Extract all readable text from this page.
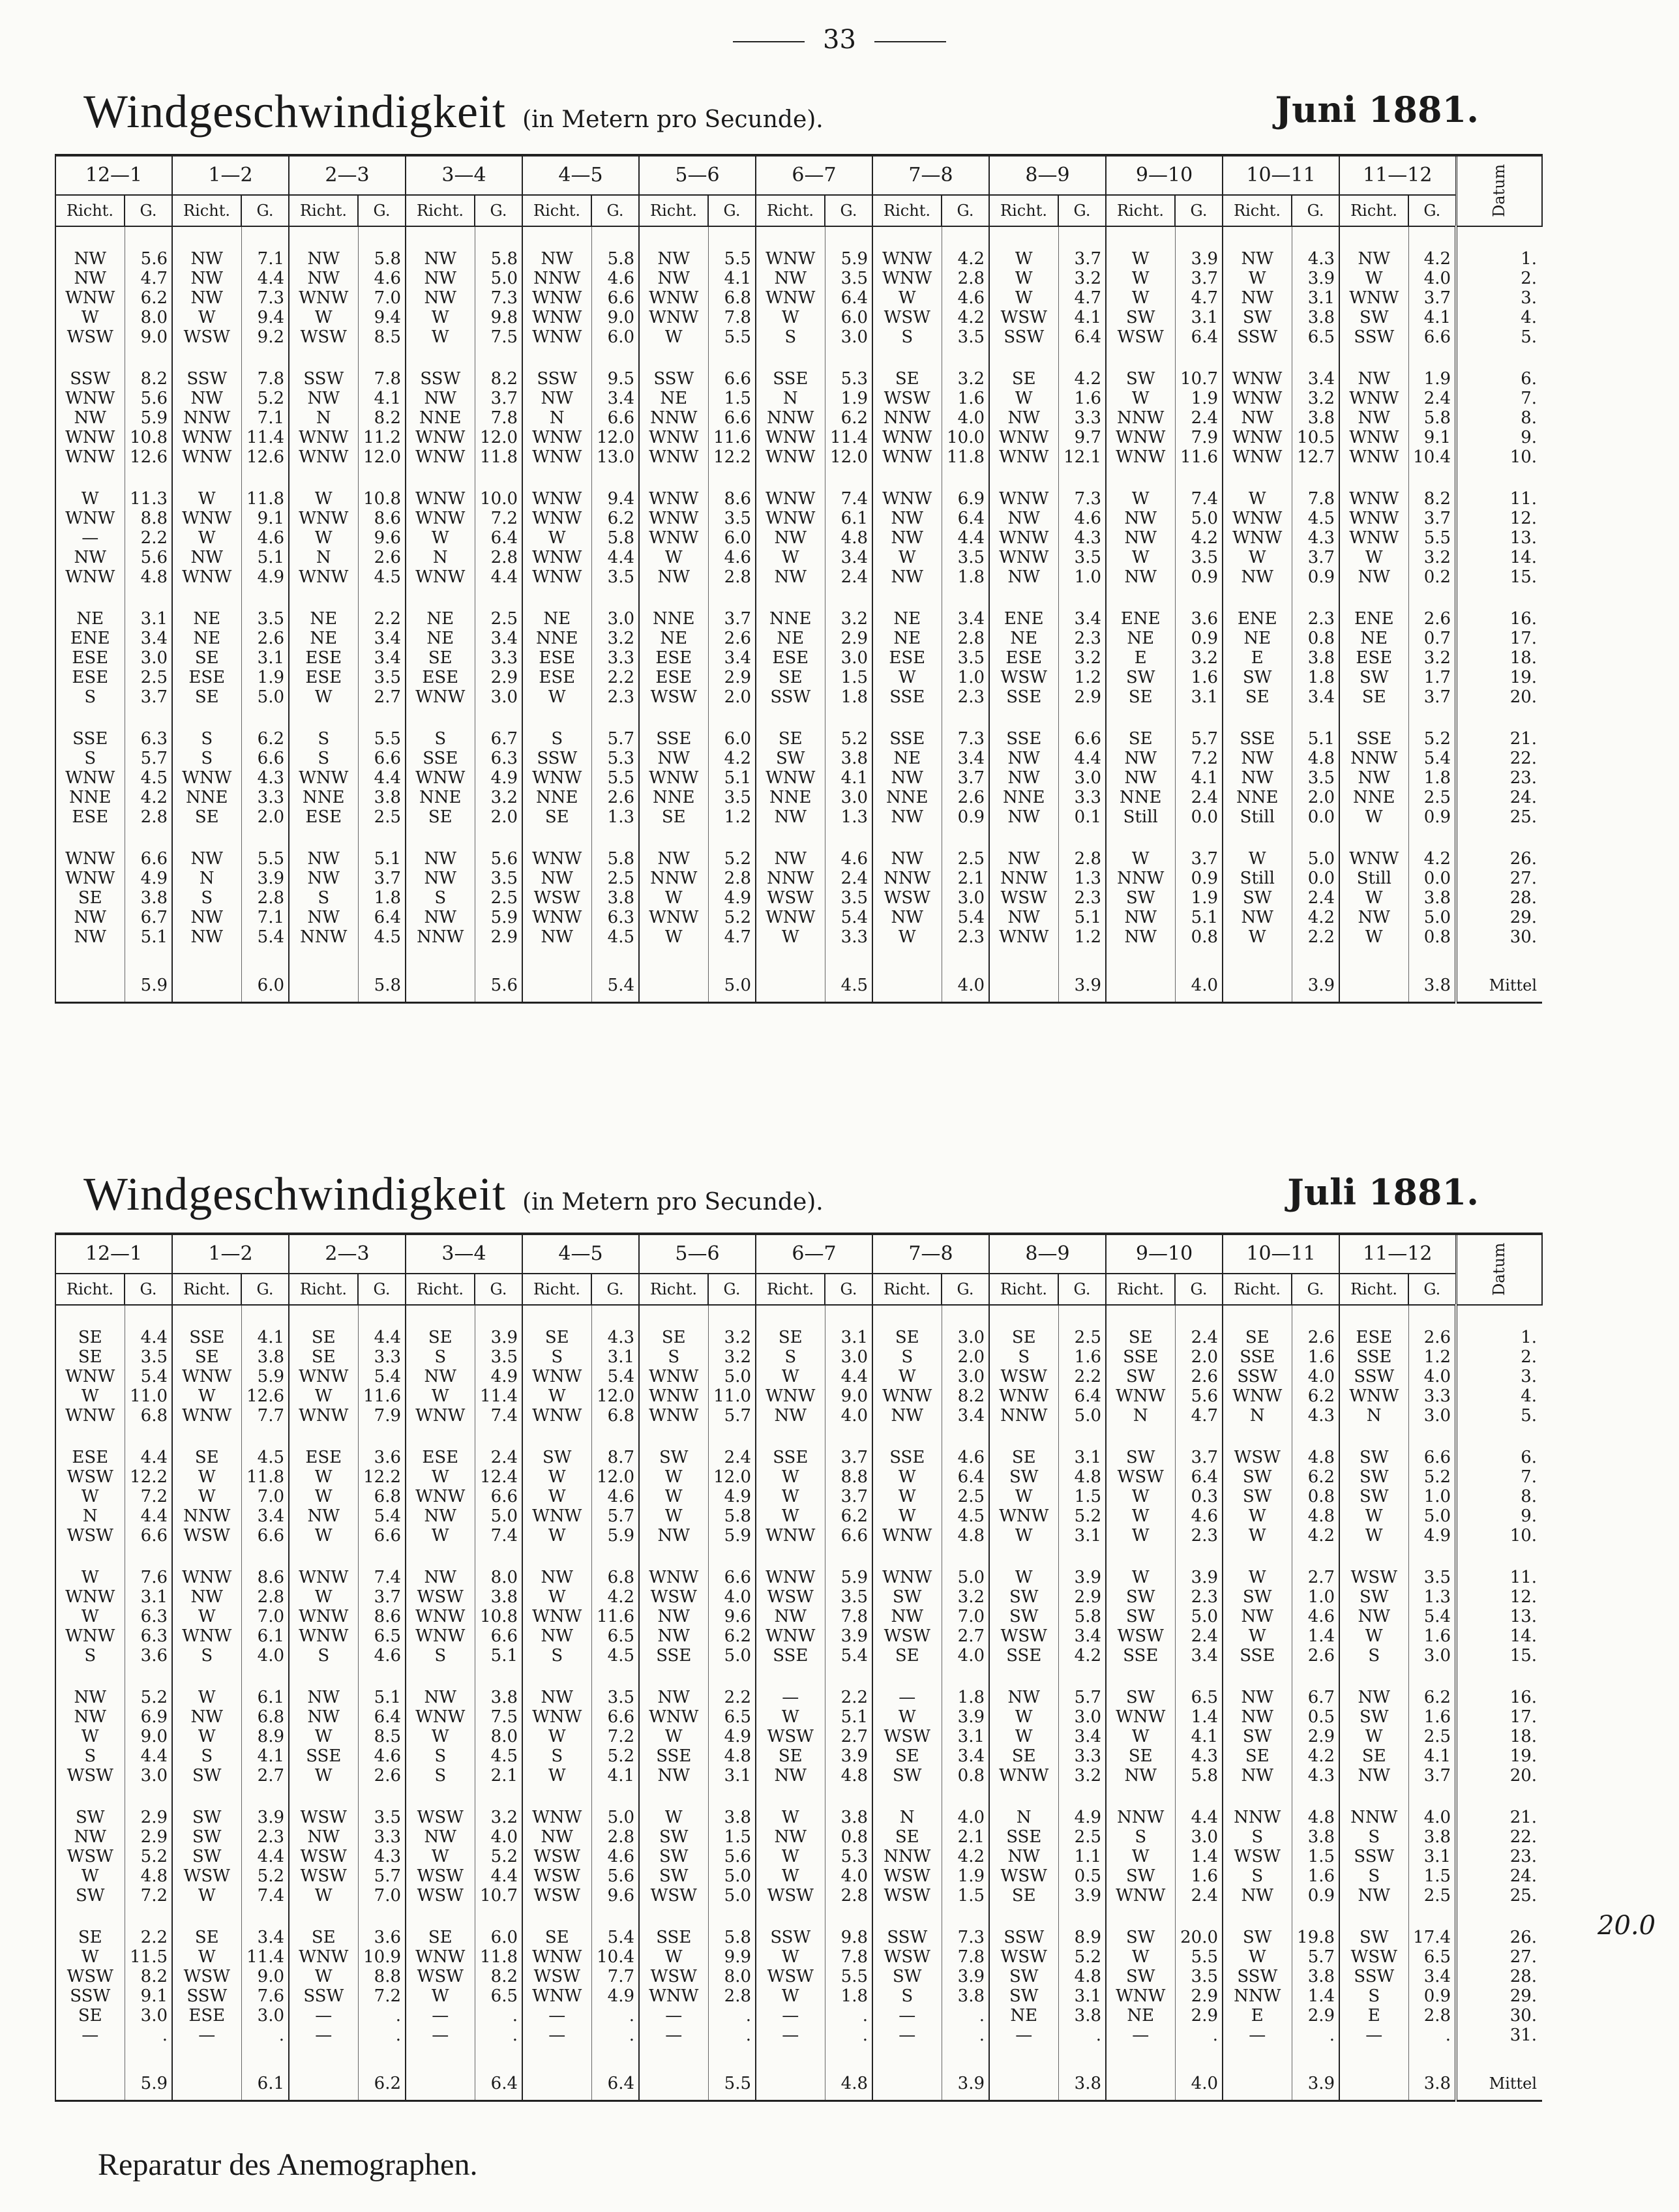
33
Windgeschwindigkeit (in Metern pro Secunde).	Juni 1881.
12—1		1—2		2—3		3—4		4—5		5—6		6—7		7—8		8—9		9—10		10—11		11—12		Datum
Richt.	G.	Richt.	G.	Richt.	G.	Richt.	G.	Richt.	G.	Richt.	G.	Richt.	G.	Richt.	G.	Richt.	G.	Richt.	G.	Richt.	G.	Richt.	G.	

NW	5.6	NW	7.1	NW	5.8	NW	5.8	NW	5.8	NW	5.5	WNW	5.9	WNW	4.2	W	3.7	W	3.9	NW	4.3	NW	4.2	1.
NW	4.7	NW	4.4	NW	4.6	NW	5.0	NNW	4.6	NW	4.1	NW	3.5	WNW	2.8	W	3.2	W	3.7	W	3.9	W	4.0	2.
WNW	6.2	NW	7.3	WNW	7.0	NW	7.3	WNW	6.6	WNW	6.8	WNW	6.4	W	4.6	W	4.7	W	4.7	NW	3.1	WNW	3.7	3.
W	8.0	W	9.4	W	9.4	W	9.8	WNW	9.0	WNW	7.8	W	6.0	WSW	4.2	WSW	4.1	SW	3.1	SW	3.8	SW	4.1	4.
WSW	9.0	WSW	9.2	WSW	8.5	W	7.5	WNW	6.0	W	5.5	S	3.0	S	3.5	SSW	6.4	WSW	6.4	SSW	6.5	SSW	6.6	5.

SSW	8.2	SSW	7.8	SSW	7.8	SSW	8.2	SSW	9.5	SSW	6.6	SSE	5.3	SE	3.2	SE	4.2	SW	10.7	WNW	3.4	NW	1.9	6.
WNW	5.6	NW	5.2	NW	4.1	NW	3.7	NW	3.4	NE	1.5	N	1.9	WSW	1.6	W	1.6	W	1.9	WNW	3.2	WNW	2.4	7.
NW	5.9	NNW	7.1	N	8.2	NNE	7.8	N	6.6	NNW	6.6	NNW	6.2	NNW	4.0	NW	3.3	NNW	2.4	NW	3.8	NW	5.8	8.
WNW	10.8	WNW	11.4	WNW	11.2	WNW	12.0	WNW	12.0	WNW	11.6	WNW	11.4	WNW	10.0	WNW	9.7	WNW	7.9	WNW	10.5	WNW	9.1	9.
WNW	12.6	WNW	12.6	WNW	12.0	WNW	11.8	WNW	13.0	WNW	12.2	WNW	12.0	WNW	11.8	WNW	12.1	WNW	11.6	WNW	12.7	WNW	10.4	10.

W	11.3	W	11.8	W	10.8	WNW	10.0	WNW	9.4	WNW	8.6	WNW	7.4	WNW	6.9	WNW	7.3	W	7.4	W	7.8	WNW	8.2	11.
WNW	8.8	WNW	9.1	WNW	8.6	WNW	7.2	WNW	6.2	WNW	3.5	WNW	6.1	NW	6.4	NW	4.6	NW	5.0	WNW	4.5	WNW	3.7	12.
—	2.2	W	4.6	W	9.6	W	6.4	W	5.8	WNW	6.0	NW	4.8	NW	4.4	WNW	4.3	NW	4.2	WNW	4.3	WNW	5.5	13.
NW	5.6	NW	5.1	N	2.6	N	2.8	WNW	4.4	W	4.6	W	3.4	W	3.5	WNW	3.5	W	3.5	W	3.7	W	3.2	14.
WNW	4.8	WNW	4.9	WNW	4.5	WNW	4.4	WNW	3.5	NW	2.8	NW	2.4	NW	1.8	NW	1.0	NW	0.9	NW	0.9	NW	0.2	15.

NE	3.1	NE	3.5	NE	2.2	NE	2.5	NE	3.0	NNE	3.7	NNE	3.2	NE	3.4	ENE	3.4	ENE	3.6	ENE	2.3	ENE	2.6	16.
ENE	3.4	NE	2.6	NE	3.4	NE	3.4	NNE	3.2	NE	2.6	NE	2.9	NE	2.8	NE	2.3	NE	0.9	NE	0.8	NE	0.7	17.
ESE	3.0	SE	3.1	ESE	3.4	SE	3.3	ESE	3.3	ESE	3.4	ESE	3.0	ESE	3.5	ESE	3.2	E	3.2	E	3.8	ESE	3.2	18.
ESE	2.5	ESE	1.9	ESE	3.5	ESE	2.9	ESE	2.2	ESE	2.9	SE	1.5	W	1.0	WSW	1.2	SW	1.6	SW	1.8	SW	1.7	19.
S	3.7	SE	5.0	W	2.7	WNW	3.0	W	2.3	WSW	2.0	SSW	1.8	SSE	2.3	SSE	2.9	SE	3.1	SE	3.4	SE	3.7	20.

SSE	6.3	S	6.2	S	5.5	S	6.7	S	5.7	SSE	6.0	SE	5.2	SSE	7.3	SSE	6.6	SE	5.7	SSE	5.1	SSE	5.2	21.
S	5.7	S	6.6	S	6.6	SSE	6.3	SSW	5.3	NW	4.2	SW	3.8	NE	3.4	NW	4.4	NW	7.2	NW	4.8	NNW	5.4	22.
WNW	4.5	WNW	4.3	WNW	4.4	WNW	4.9	WNW	5.5	WNW	5.1	WNW	4.1	NW	3.7	NW	3.0	NW	4.1	NW	3.5	NW	1.8	23.
NNE	4.2	NNE	3.3	NNE	3.8	NNE	3.2	NNE	2.6	NNE	3.5	NNE	3.0	NNE	2.6	NNE	3.3	NNE	2.4	NNE	2.0	NNE	2.5	24.
ESE	2.8	SE	2.0	ESE	2.5	SE	2.0	SE	1.3	SE	1.2	NW	1.3	NW	0.9	NW	0.1	Still	0.0	Still	0.0	W	0.9	25.

WNW	6.6	NW	5.5	NW	5.1	NW	5.6	WNW	5.8	NW	5.2	NW	4.6	NW	2.5	NW	2.8	W	3.7	W	5.0	WNW	4.2	26.
WNW	4.9	N	3.9	NW	3.7	NW	3.5	NW	2.5	NNW	2.8	NNW	2.4	NNW	2.1	NNW	1.3	NNW	0.9	Still	0.0	Still	0.0	27.
SE	3.8	S	2.8	S	1.8	S	2.5	WSW	3.8	W	4.9	WSW	3.5	WSW	3.0	WSW	2.3	SW	1.9	SW	2.4	W	3.8	28.
NW	6.7	NW	7.1	NW	6.4	NW	5.9	WNW	6.3	WNW	5.2	WNW	5.4	NW	5.4	NW	5.1	NW	5.1	NW	4.2	NW	5.0	29.
NW	5.1	NW	5.4	NNW	4.5	NNW	2.9	NW	4.5	W	4.7	W	3.3	W	2.3	WNW	1.2	NW	0.8	W	2.2	W	0.8	30.

	5.9		6.0		5.8		5.6		5.4		5.0		4.5		4.0		3.9		4.0		3.9		3.8	Mittel
Windgeschwindigkeit (in Metern pro Secunde).	Juli 1881.
12—1		1—2		2—3		3—4		4—5		5—6		6—7		7—8		8—9		9—10		10—11		11—12		Datum
Richt.	G.	Richt.	G.	Richt.	G.	Richt.	G.	Richt.	G.	Richt.	G.	Richt.	G.	Richt.	G.	Richt.	G.	Richt.	G.	Richt.	G.	Richt.	G.	

SE	4.4	SSE	4.1	SE	4.4	SE	3.9	SE	4.3	SE	3.2	SE	3.1	SE	3.0	SE	2.5	SE	2.4	SE	2.6	ESE	2.6	1.
SE	3.5	SE	3.8	SE	3.3	S	3.5	S	3.1	S	3.2	S	3.0	S	2.0	S	1.6	SSE	2.0	SSE	1.6	SSE	1.2	2.
WNW	5.4	WNW	5.9	WNW	5.4	NW	4.9	WNW	5.4	WNW	5.0	W	4.4	W	3.0	WSW	2.2	SW	2.6	SSW	4.0	SSW	4.0	3.
W	11.0	W	12.6	W	11.6	W	11.4	W	12.0	WNW	11.0	WNW	9.0	WNW	8.2	WNW	6.4	WNW	5.6	WNW	6.2	WNW	3.3	4.
WNW	6.8	WNW	7.7	WNW	7.9	WNW	7.4	WNW	6.8	WNW	5.7	NW	4.0	NW	3.4	NNW	5.0	N	4.7	N	4.3	N	3.0	5.

ESE	4.4	SE	4.5	ESE	3.6	ESE	2.4	SW	8.7	SW	2.4	SSE	3.7	SSE	4.6	SE	3.1	SW	3.7	WSW	4.8	SW	6.6	6.
WSW	12.2	W	11.8	W	12.2	W	12.4	W	12.0	W	12.0	W	8.8	W	6.4	SW	4.8	WSW	6.4	SW	6.2	SW	5.2	7.
W	7.2	W	7.0	W	6.8	WNW	6.6	W	4.6	W	4.9	W	3.7	W	2.5	W	1.5	W	0.3	SW	0.8	SW	1.0	8.
N	4.4	NNW	3.4	NW	5.4	NW	5.0	WNW	5.7	W	5.8	W	6.2	W	4.5	WNW	5.2	W	4.6	W	4.8	W	5.0	9.
WSW	6.6	WSW	6.6	W	6.6	W	7.4	W	5.9	NW	5.9	WNW	6.6	WNW	4.8	W	3.1	W	2.3	W	4.2	W	4.9	10.

W	7.6	WNW	8.6	WNW	7.4	NW	8.0	NW	6.8	WNW	6.6	WNW	5.9	WNW	5.0	W	3.9	W	3.9	W	2.7	WSW	3.5	11.
WNW	3.1	NW	2.8	W	3.7	WSW	3.8	W	4.2	WSW	4.0	WSW	3.5	SW	3.2	SW	2.9	SW	2.3	SW	1.0	SW	1.3	12.
W	6.3	W	7.0	WNW	8.6	WNW	10.8	WNW	11.6	NW	9.6	NW	7.8	NW	7.0	SW	5.8	SW	5.0	NW	4.6	NW	5.4	13.
WNW	6.3	WNW	6.1	WNW	6.5	WNW	6.6	NW	6.5	NW	6.2	WNW	3.9	WSW	2.7	WSW	3.4	WSW	2.4	W	1.4	W	1.6	14.
S	3.6	S	4.0	S	4.6	S	5.1	S	4.5	SSE	5.0	SSE	5.4	SE	4.0	SSE	4.2	SSE	3.4	SSE	2.6	S	3.0	15.

NW	5.2	W	6.1	NW	5.1	NW	3.8	NW	3.5	NW	2.2	—	2.2	—	1.8	NW	5.7	SW	6.5	NW	6.7	NW	6.2	16.
NW	6.9	NW	6.8	NW	6.4	WNW	7.5	WNW	6.6	WNW	6.5	W	5.1	W	3.9	W	3.0	WNW	1.4	NW	0.5	SW	1.6	17.
W	9.0	W	8.9	W	8.5	W	8.0	W	7.2	W	4.9	WSW	2.7	WSW	3.1	W	3.4	W	4.1	SW	2.9	W	2.5	18.
S	4.4	S	4.1	SSE	4.6	S	4.5	S	5.2	SSE	4.8	SE	3.9	SE	3.4	SE	3.3	SE	4.3	SE	4.2	SE	4.1	19.
WSW	3.0	SW	2.7	W	2.6	S	2.1	W	4.1	NW	3.1	NW	4.8	SW	0.8	WNW	3.2	NW	5.8	NW	4.3	NW	3.7	20.

SW	2.9	SW	3.9	WSW	3.5	WSW	3.2	WNW	5.0	W	3.8	W	3.8	N	4.0	N	4.9	NNW	4.4	NNW	4.8	NNW	4.0	21.
NW	2.9	SW	2.3	NW	3.3	NW	4.0	NW	2.8	SW	1.5	NW	0.8	SE	2.1	SSE	2.5	S	3.0	S	3.8	S	3.8	22.
WSW	5.2	SW	4.4	WSW	4.3	W	5.2	WSW	4.6	SW	5.6	W	5.3	NNW	4.2	NW	1.1	W	1.4	WSW	1.5	SSW	3.1	23.
W	4.8	WSW	5.2	WSW	5.7	WSW	4.4	WSW	5.6	SW	5.0	W	4.0	WSW	1.9	WSW	0.5	SW	1.6	S	1.6	S	1.5	24.
SW	7.2	W	7.4	W	7.0	WSW	10.7	WSW	9.6	WSW	5.0	WSW	2.8	WSW	1.5	SE	3.9	WNW	2.4	NW	0.9	NW	2.5	25.

SE	2.2	SE	3.4	SE	3.6	SE	6.0	SE	5.4	SSE	5.8	SSW	9.8	SSW	7.3	SSW	8.9	SW	20.0	SW	19.8	SW	17.4	26.
W	11.5	W	11.4	WNW	10.9	WNW	11.8	WNW	10.4	W	9.9	W	7.8	WSW	7.8	WSW	5.2	W	5.5	W	5.7	WSW	6.5	27.
WSW	8.2	WSW	9.0	W	8.8	WSW	8.2	WSW	7.7	WSW	8.0	WSW	5.5	SW	3.9	SW	4.8	SW	3.5	SSW	3.8	SSW	3.4	28.
SSW	9.1	SSW	7.6	SSW	7.2	W	6.5	WNW	4.9	WNW	2.8	W	1.8	S	3.8	SW	3.1	WNW	2.9	NNW	1.4	S	0.9	29.
SE	3.0	ESE	3.0	—	.	—	.	—	.	—	.	—	.	—	.	NE	3.8	NE	2.9	E	2.9	E	2.8	30.
—	.	—	.	—	.	—	.	—	.	—	.	—	.	—	.	—	.	—	.	—	.	—	.	31.

	5.9		6.1		6.2		6.4		6.4		5.5		4.8		3.9		3.8		4.0		3.9		3.8	Mittel
Reparatur des Anemographen.
20.0
